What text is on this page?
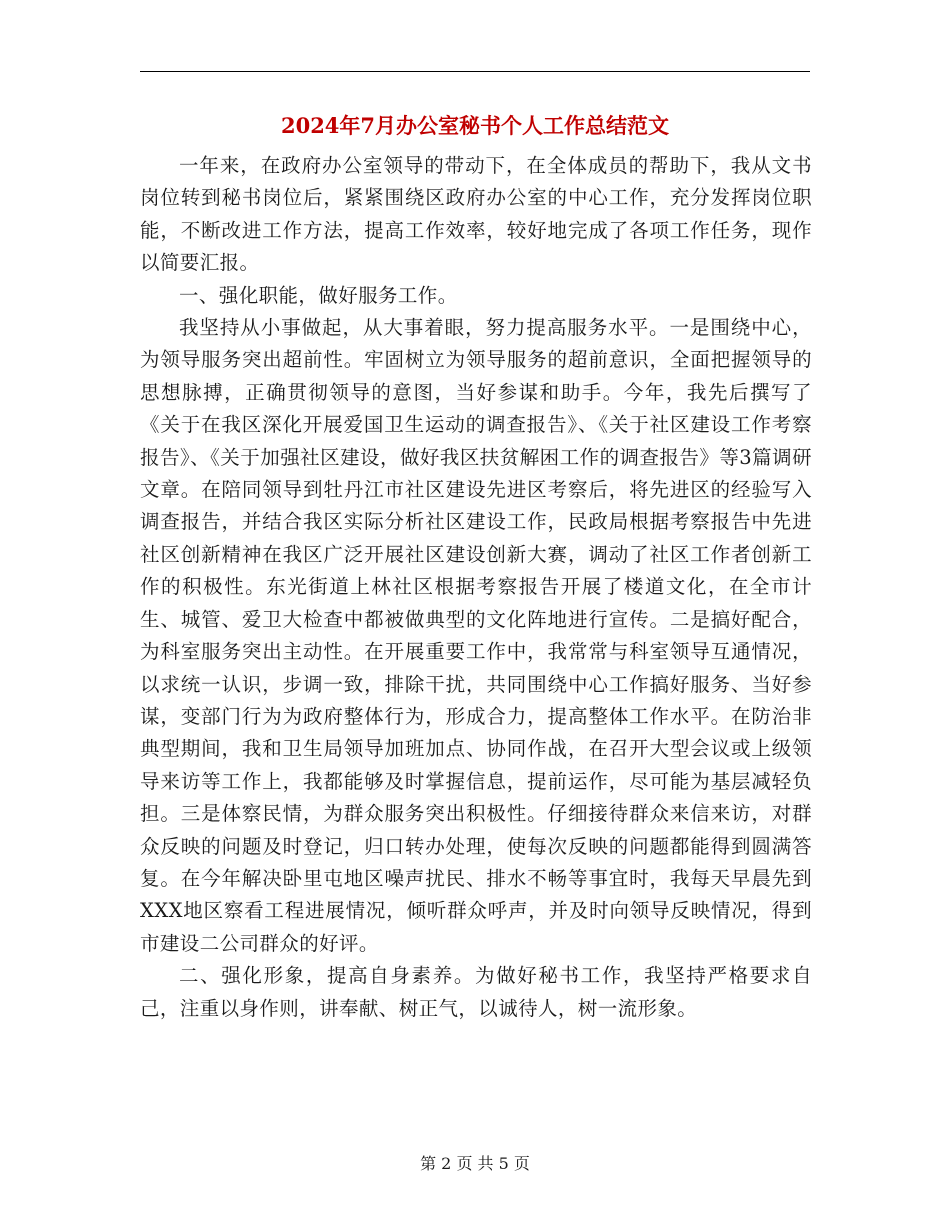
2024年7月办公室秘书个人工作总结范文

一年来，在政府办公室领导的带动下，在全体成员的帮助下，我从文书岗位转到秘书岗位后，紧紧围绕区政府办公室的中心工作，充分发挥岗位职能，不断改进工作方法，提高工作效率，较好地完成了各项工作任务，现作以简要汇报。

一、强化职能，做好服务工作。

我坚持从小事做起，从大事着眼，努力提高服务水平。一是围绕中心，为领导服务突出超前性。牢固树立为领导服务的超前意识，全面把握领导的思想脉搏，正确贯彻领导的意图，当好参谋和助手。今年，我先后撰写了《关于在我区深化开展爱国卫生运动的调查报告》、《关于社区建设工作考察报告》、《关于加强社区建设，做好我区扶贫解困工作的调查报告》等3篇调研文章。在陪同领导到牡丹江市社区建设先进区考察后，将先进区的经验写入调查报告，并结合我区实际分析社区建设工作，民政局根据考察报告中先进社区创新精神在我区广泛开展社区建设创新大赛，调动了社区工作者创新工作的积极性。东光街道上林社区根据考察报告开展了楼道文化，在全市计生、城管、爱卫大检查中都被做典型的文化阵地进行宣传。二是搞好配合，为科室服务突出主动性。在开展重要工作中，我常常与科室领导互通情况，以求统一认识，步调一致，排除干扰，共同围绕中心工作搞好服务、当好参谋，变部门行为为政府整体行为，形成合力，提高整体工作水平。在防治非典型期间，我和卫生局领导加班加点、协同作战，在召开大型会议或上级领导来访等工作上，我都能够及时掌握信息，提前运作，尽可能为基层减轻负担。三是体察民情，为群众服务突出积极性。仔细接待群众来信来访，对群众反映的问题及时登记，归口转办处理，使每次反映的问题都能得到圆满答复。在今年解决卧里屯地区噪声扰民、排水不畅等事宜时，我每天早晨先到XXX地区察看工程进展情况，倾听群众呼声，并及时向领导反映情况，得到市建设二公司群众的好评。

二、强化形象，提高自身素养。为做好秘书工作，我坚持严格要求自己，注重以身作则，讲奉献、树正气，以诚待人，树一流形象。

第 2 页 共 5 页
